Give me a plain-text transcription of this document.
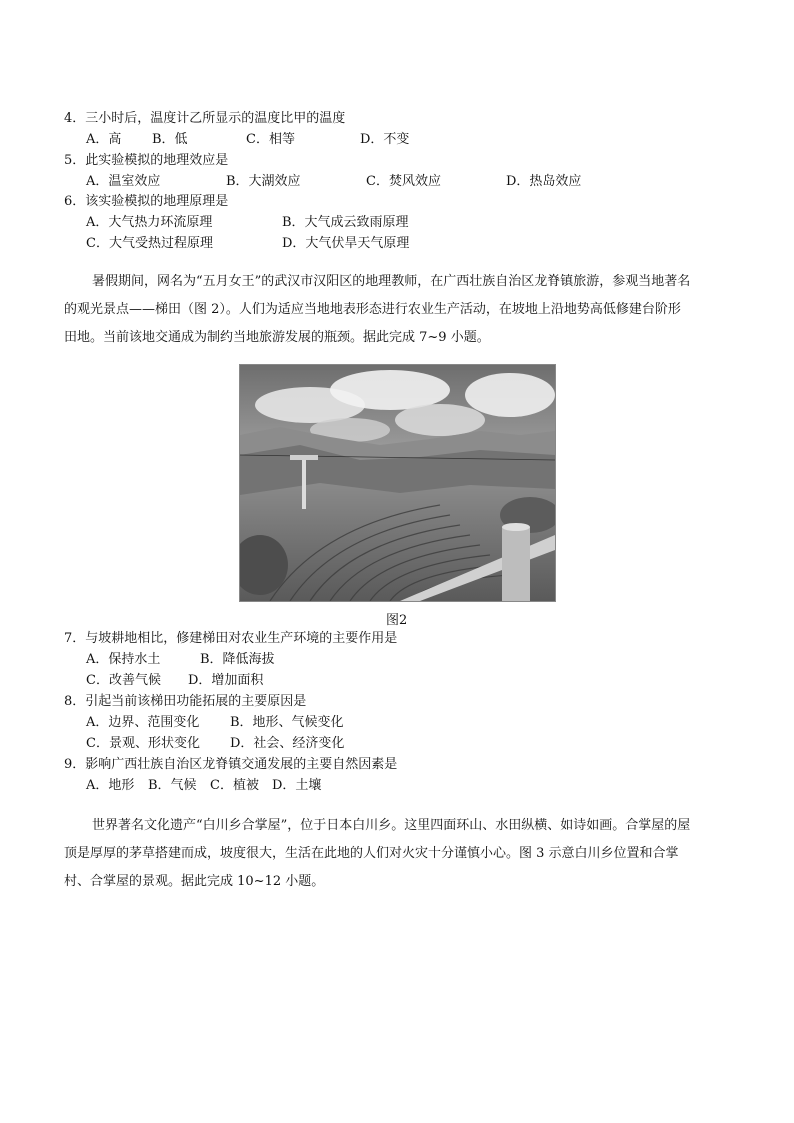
4．三小时后，温度计乙所显示的温度比甲的温度
A．高 B．低	C．相等	D．不变
5．此实验模拟的地理效应是
A．温室效应	B．大湖效应	C．焚风效应	D．热岛效应
6．该实验模拟的地理原理是
A．大气热力环流原理	B．大气成云致雨原理
C．大气受热过程原理	D．大气伏旱天气原理
暑假期间，网名为“五月女王”的武汉市汉阳区的地理教师，在广西壮族自治区龙脊镇旅游，参观当地著名
的观光景点——梯田（图 2）。人们为适应当地地表形态进行农业生产活动，在坡地上沿地势高低修建台阶形
田地。当前该地交通成为制约当地旅游发展的瓶颈。据此完成 7~9 小题。
图2
7．与坡耕地相比，修建梯田对农业生产环境的主要作用是
A．保持水土	B．降低海拔
C．改善气候 D．增加面积
8．引起当前该梯田功能拓展的主要原因是
A．边界、范围变化 B．地形、气候变化
C．景观、形状变化 D．社会、经济变化
9．影响广西壮族自治区龙脊镇交通发展的主要自然因素是
A．地形 B．气候 C．植被 D．土壤
世界著名文化遗产“白川乡合掌屋”，位于日本白川乡。这里四面环山、水田纵横、如诗如画。合掌屋的屋
顶是厚厚的茅草搭建而成，坡度很大，生活在此地的人们对火灾十分谨慎小心。图 3 示意白川乡位置和合掌
村、合掌屋的景观。据此完成 10~12 小题。
